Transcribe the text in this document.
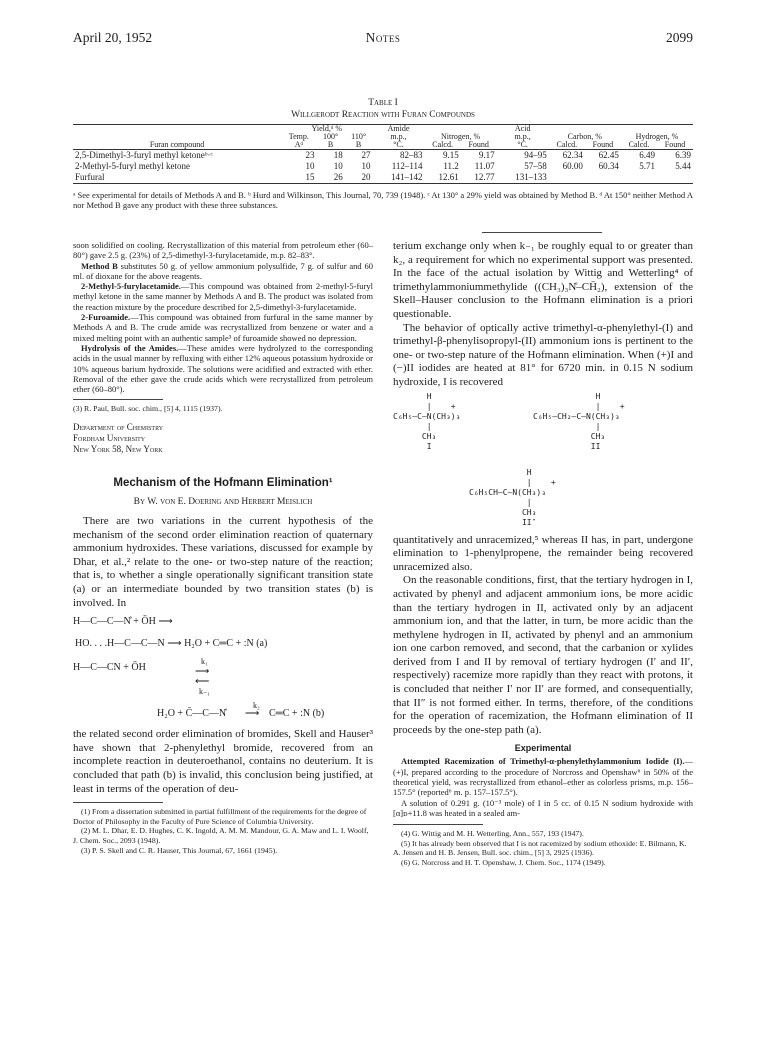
April 20, 1952	Notes	2099
Table I
Willgerodt Reaction with Furan Compounds
	Yield,ᵈ %			Amide			Acid				
	Temp.	100°	110°	m.p.,	Nitrogen, %		m.p.,	Carbon, %		Hydrogen, %	
Furan compound	Aᵈ	B	B	°C.	Calcd.	Found	°C.	Calcd.	Found	Calcd.	Found
2,5-Dimethyl-3-furyl methyl ketoneᵇ·ᶜ	23	18	27	82–83	9.15	9.17	94–95	62.34	62.45	6.49	6.39
2-Methyl-5-furyl methyl ketone	10	10	10	112–114	11.2	11.07	57–58	60.00	60.34	5.71	5.44
Furfural	15	26	20	141–142	12.61	12.77	131–133				
ᵃ See experimental for details of Methods A and B. ᵇ Hurd and Wilkinson, This Journal, 70, 739 (1948). ᶜ At 130° a 29% yield was obtained by Method B. ᵈ At 150° neither Method A nor Method B gave any product with these three substances.

soon solidified on cooling. Recrystallization of this material from petroleum ether (60–80°) gave 2.5 g. (23%) of 2,5-dimethyl-3-furylacetamide, m.p. 82–83°.

Method B substitutes 50 g. of yellow ammonium polysulfide, 7 g. of sulfur and 60 ml. of dioxane for the above reagents.

2-Methyl-5-furylacetamide.—This compound was obtained from 2-methyl-5-furyl methyl ketone in the same manner by Methods A and B. The product was isolated from the reaction mixture by the procedure described for 2,5-dimethyl-3-furylacetamide.

2-Furoamide.—This compound was obtained from furfural in the same manner by Methods A and B. The crude amide was recrystallized from benzene or water and a mixed melting point with an authentic sample³ of furoamide showed no depression.

Hydrolysis of the Amides.—These amides were hydrolyzed to the corresponding acids in the usual manner by refluxing with either 12% aqueous potassium hydroxide or 10% aqueous barium hydroxide. The solutions were acidified and extracted with ether. Removal of the ether gave the crude acids which were recrystallized from petroleum ether (60–80°).

(3) R. Paul, Bull. soc. chim., [5] 4, 1115 (1937).
Department of Chemistry
Fordham University
New York 58, New York
Mechanism of the Hofmann Elimination¹
By W. von E. Doering and Herbert Meislich

There are two variations in the current hypothesis of the mechanism of the second order elimination reaction of quaternary ammonium hydroxides. These variations, discussed for example by Dhar, et al.,² relate to the one- or two-step nature of the reaction; that is, to whether a single operationally significant transition state (a) or an intermediate bounded by two transition states (b) is involved. In

H—C—C—N̊ + ŌH ⟶
HO. . . .H—C—C—N ⟶ H₂O + C═C + :N (a)
H—C—CN + ŌH
k₁
⟶
⟵
k₋₁
H₂O + C̄—C—N̊
k₂
⟶ C═C + :N (b)

the related second order elimination of bromides, Skell and Hauser³ have shown that 2-phenylethyl bromide, recovered from an incomplete reaction in deuteroethanol, contains no deuterium. It is concluded that path (b) is invalid, this conclusion being justified, at least in terms of the operation of deu-

(1) From a dissertation submitted in partial fulfillment of the requirements for the degree of Doctor of Philosophy in the Faculty of Pure Science of Columbia University.

(2) M. L. Dhar, E. D. Hughes, C. K. Ingold, A. M. M. Mandour, G. A. Maw and L. I. Woolf, J. Chem. Soc., 2093 (1948).

(3) P. S. Skell and C. R. Hauser, This Journal, 67, 1661 (1945).

terium exchange only when k₋₁ be roughly equal to or greater than k₂, a requirement for which no experimental support was presented. In the face of the actual isolation by Wittig and Wetterling⁴ of trimethylammoniummethylide ((CH₃)₃N̊–CH̄₂), extension of the Skell–Hauser conclusion to the Hofmann elimination is a priori questionable.

The behavior of optically active trimethyl-α-phenylethyl-(I) and trimethyl-β-phenylisopropyl-(II) ammonium ions is pertinent to the one- or two-step nature of the Hofmann elimination. When (+)I and (−)II iodides are heated at 81° for 6720 min. in 0.15 N sodium hydroxide, I is recovered

H
|    +
C₆H₅—C—N(CH₃)₃
|
CH₃
I
H
|    +
C₆H₅—CH₂—C—N(CH₃)₃
|
CH₃
II
H
|    +
C₆H₅CH—C—N(CH₃)₃
|
CH₃
II″

quantitatively and unracemized,⁵ whereas II has, in part, undergone elimination to 1-phenylpropene, the remainder being recovered unracemized also.

On the reasonable conditions, first, that the tertiary hydrogen in I, activated by phenyl and adjacent ammonium ions, be more acidic than the tertiary hydrogen in II, activated only by an adjacent ammonium ion, and that the latter, in turn, be more acidic than the methylene hydrogen in II, activated by phenyl and an ammonium ion one carbon removed, and second, that the carbanion or xylides derived from I and II by removal of tertiary hydrogen (I′ and II′, respectively) racemize more rapidly than they react with protons, it is concluded that neither I′ nor II′ are formed, and consequentially, that II″ is not formed either. In terms, therefore, of the conditions for the operation of racemization, the Hofmann elimination of II proceeds by the one-step path (a).

Experimental

Attempted Racemization of Trimethyl-α-phenylethylammonium Iodide (I).—(+)I, prepared according to the procedure of Norcross and Openshaw⁶ in 50% of the theoretical yield, was recrystallized from ethanol–ether as colorless prisms, m.p. 156–157.5° (reported⁶ m. p. 157–157.5°).

A solution of 0.291 g. (10⁻³ mole) of I in 5 cc. of 0.15 N sodium hydroxide with [α]ᴅ+11.8 was heated in a sealed am-

(4) G. Wittig and M. H. Wetterling, Ann., 557, 193 (1947).

(5) It has already been observed that I is not racemized by sodium ethoxide: E. Bilmann, K. A. Jensen and H. B. Jensen, Bull. soc. chim., [5] 3, 2925 (1936).

(6) G. Norcross and H. T. Openshaw, J. Chem. Soc., 1174 (1949).
